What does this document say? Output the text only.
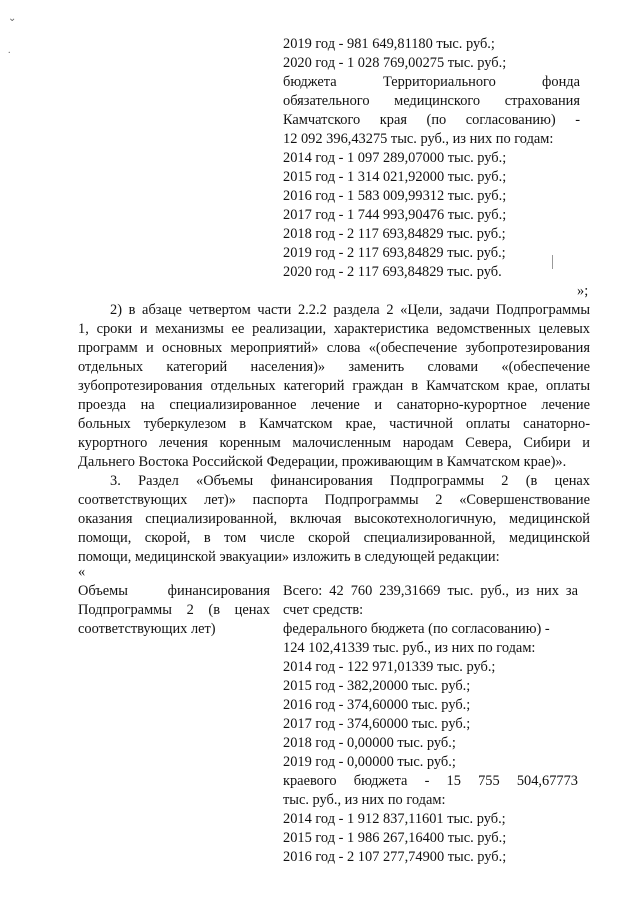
⌄
.	2019 год - 981 649,81180 тыс. руб.;
2020 год - 1 028 769,00275 тыс. руб.;
бюджета Территориального фонда
обязательного медицинского страхования
Камчатского края (по согласованию) -
12 092 396,43275 тыс. руб., из них по годам:
2014 год - 1 097 289,07000 тыс. руб.;
2015 год - 1 314 021,92000 тыс. руб.;
2016 год - 1 583 009,99312 тыс. руб.;
2017 год - 1 744 993,90476 тыс. руб.;
2018 год - 2 117 693,84829 тыс. руб.;
2019 год - 2 117 693,84829 тыс. руб.;
2020 год - 2 117 693,84829 тыс. руб.
»;
2) в абзаце четвертом части 2.2.2 раздела 2 «Цели, задачи Подпрограммы
1, сроки и механизмы ее реализации, характеристика ведомственных целевых
программ и основных мероприятий» слова «(обеспечение зубопротезирования
отдельных категорий населения)» заменить словами «(обеспечение
зубопротезирования отдельных категорий граждан в Камчатском крае, оплаты
проезда на специализированное лечение и санаторно-курортное лечение
больных туберкулезом в Камчатском крае, частичной оплаты санаторно-
курортного лечения коренным малочисленным народам Севера, Сибири и
Дальнего Востока Российской Федерации, проживающим в Камчатском крае)».
3. Раздел «Объемы финансирования Подпрограммы 2 (в ценах
соответствующих лет)» паспорта Подпрограммы 2 «Совершенствование
оказания специализированной, включая высокотехнологичную, медицинской
помощи, скорой, в том числе скорой специализированной, медицинской
помощи, медицинской эвакуации» изложить в следующей редакции:
«
Объемы финансирования
Подпрограммы 2 (в ценах
соответствующих лет)
Всего: 42 760 239,31669 тыс. руб., из них за
счет средств:
федерального бюджета (по согласованию) -
124 102,41339 тыс. руб., из них по годам:
2014 год - 122 971,01339 тыс. руб.;
2015 год - 382,20000 тыс. руб.;
2016 год - 374,60000 тыс. руб.;
2017 год - 374,60000 тыс. руб.;
2018 год - 0,00000 тыс. руб.;
2019 год - 0,00000 тыс. руб.;
краевого бюджета - 15 755 504,67773
тыс. руб., из них по годам:
2014 год - 1 912 837,11601 тыс. руб.;
2015 год - 1 986 267,16400 тыс. руб.;
2016 год - 2 107 277,74900 тыс. руб.;
